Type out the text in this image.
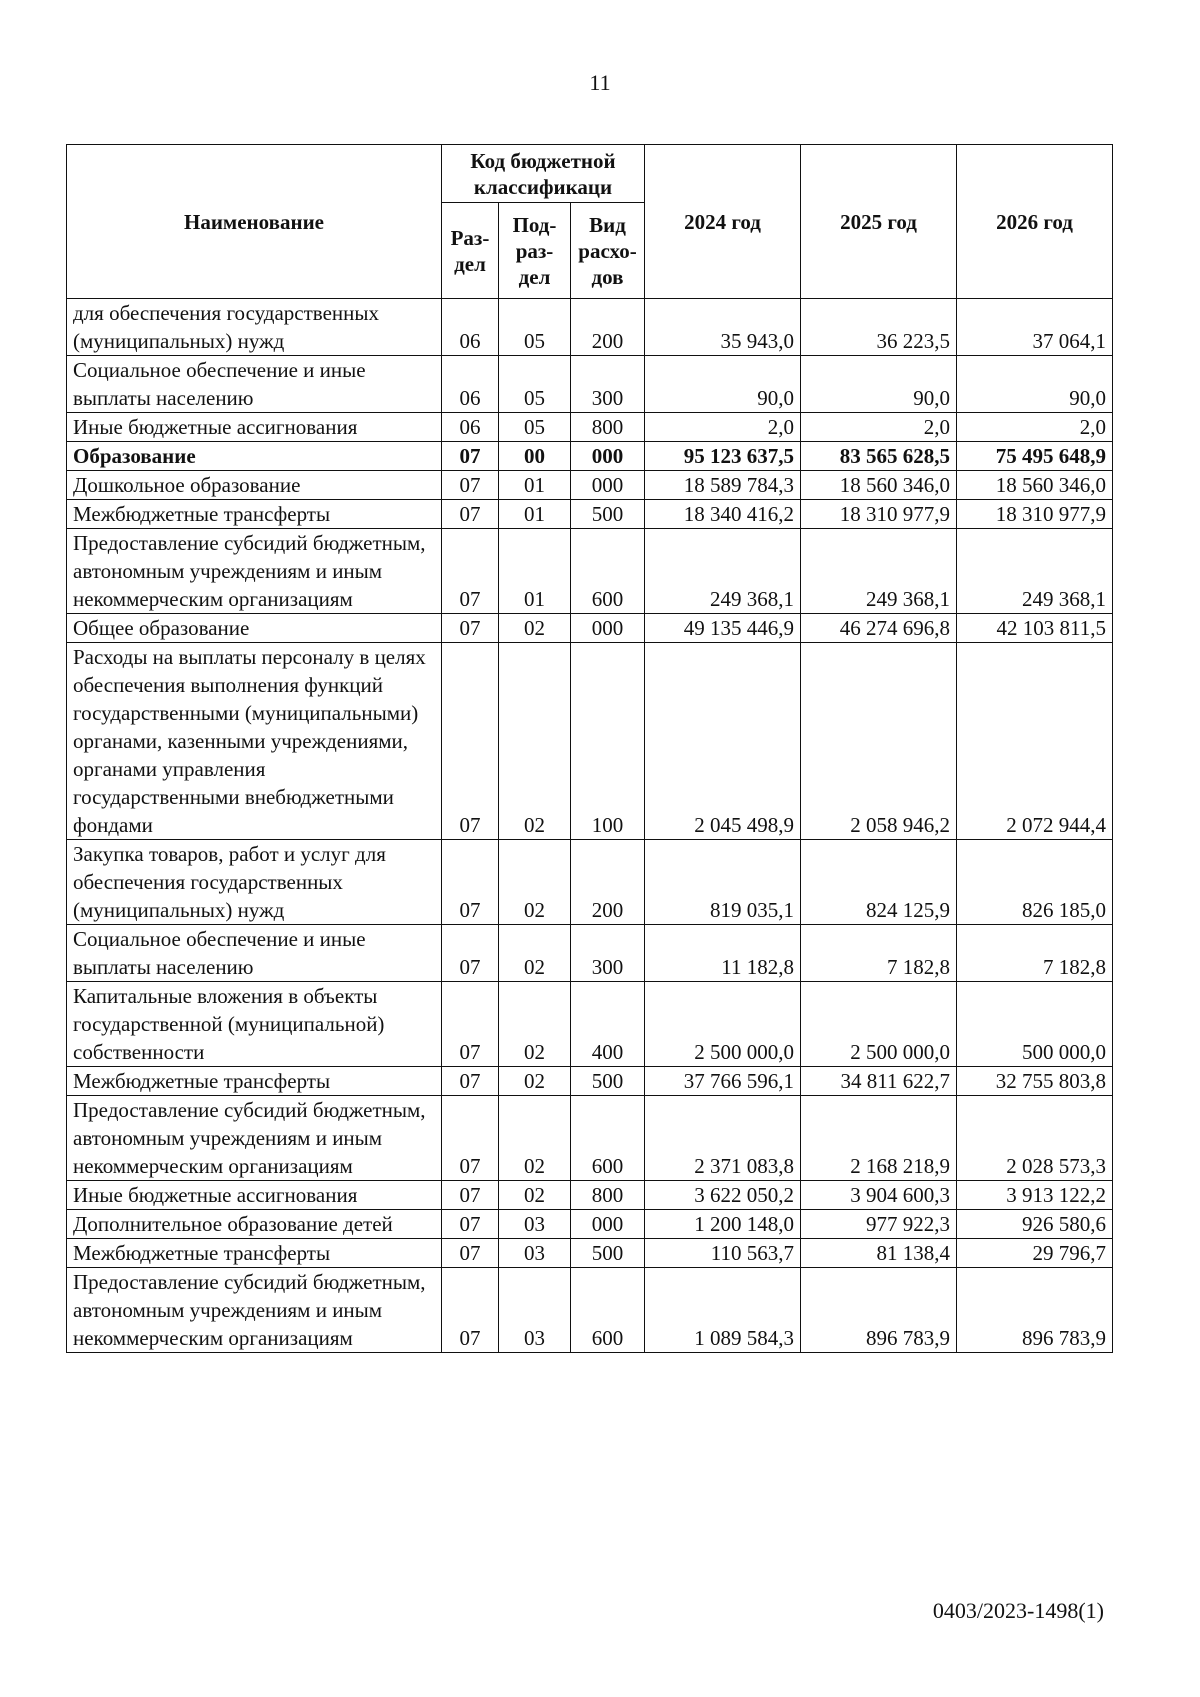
11
Наименование	Код бюджетной классификаци			2024 год	2025 год	2026 год
	Раз-дел	Под-раз-дел	Вид расхо-дов			
для обеспечения государственных (муниципальных) нужд	06	05	200	35 943,0	36 223,5	37 064,1
Социальное обеспечение и иные выплаты населению	06	05	300	90,0	90,0	90,0
Иные бюджетные ассигнования	06	05	800	2,0	2,0	2,0
Образование	07	00	000	95 123 637,5	83 565 628,5	75 495 648,9
Дошкольное образование	07	01	000	18 589 784,3	18 560 346,0	18 560 346,0
Межбюджетные трансферты	07	01	500	18 340 416,2	18 310 977,9	18 310 977,9
Предоставление субсидий бюджетным, автономным учреждениям и иным некоммерческим организациям	07	01	600	249 368,1	249 368,1	249 368,1
Общее образование	07	02	000	49 135 446,9	46 274 696,8	42 103 811,5
Расходы на выплаты персоналу в целях обеспечения выполнения функций государственными (муниципальными) органами, казенными учреждениями, органами управления государственными внебюджетными фондами	07	02	100	2 045 498,9	2 058 946,2	2 072 944,4
Закупка товаров, работ и услуг для обеспечения государственных (муниципальных) нужд	07	02	200	819 035,1	824 125,9	826 185,0
Социальное обеспечение и иные выплаты населению	07	02	300	11 182,8	7 182,8	7 182,8
Капитальные вложения в объекты государственной (муниципальной) собственности	07	02	400	2 500 000,0	2 500 000,0	500 000,0
Межбюджетные трансферты	07	02	500	37 766 596,1	34 811 622,7	32 755 803,8
Предоставление субсидий бюджетным, автономным учреждениям и иным некоммерческим организациям	07	02	600	2 371 083,8	2 168 218,9	2 028 573,3
Иные бюджетные ассигнования	07	02	800	3 622 050,2	3 904 600,3	3 913 122,2
Дополнительное образование детей	07	03	000	1 200 148,0	977 922,3	926 580,6
Межбюджетные трансферты	07	03	500	110 563,7	81 138,4	29 796,7
Предоставление субсидий бюджетным, автономным учреждениям и иным некоммерческим организациям	07	03	600	1 089 584,3	896 783,9	896 783,9
0403/2023-1498(1)
